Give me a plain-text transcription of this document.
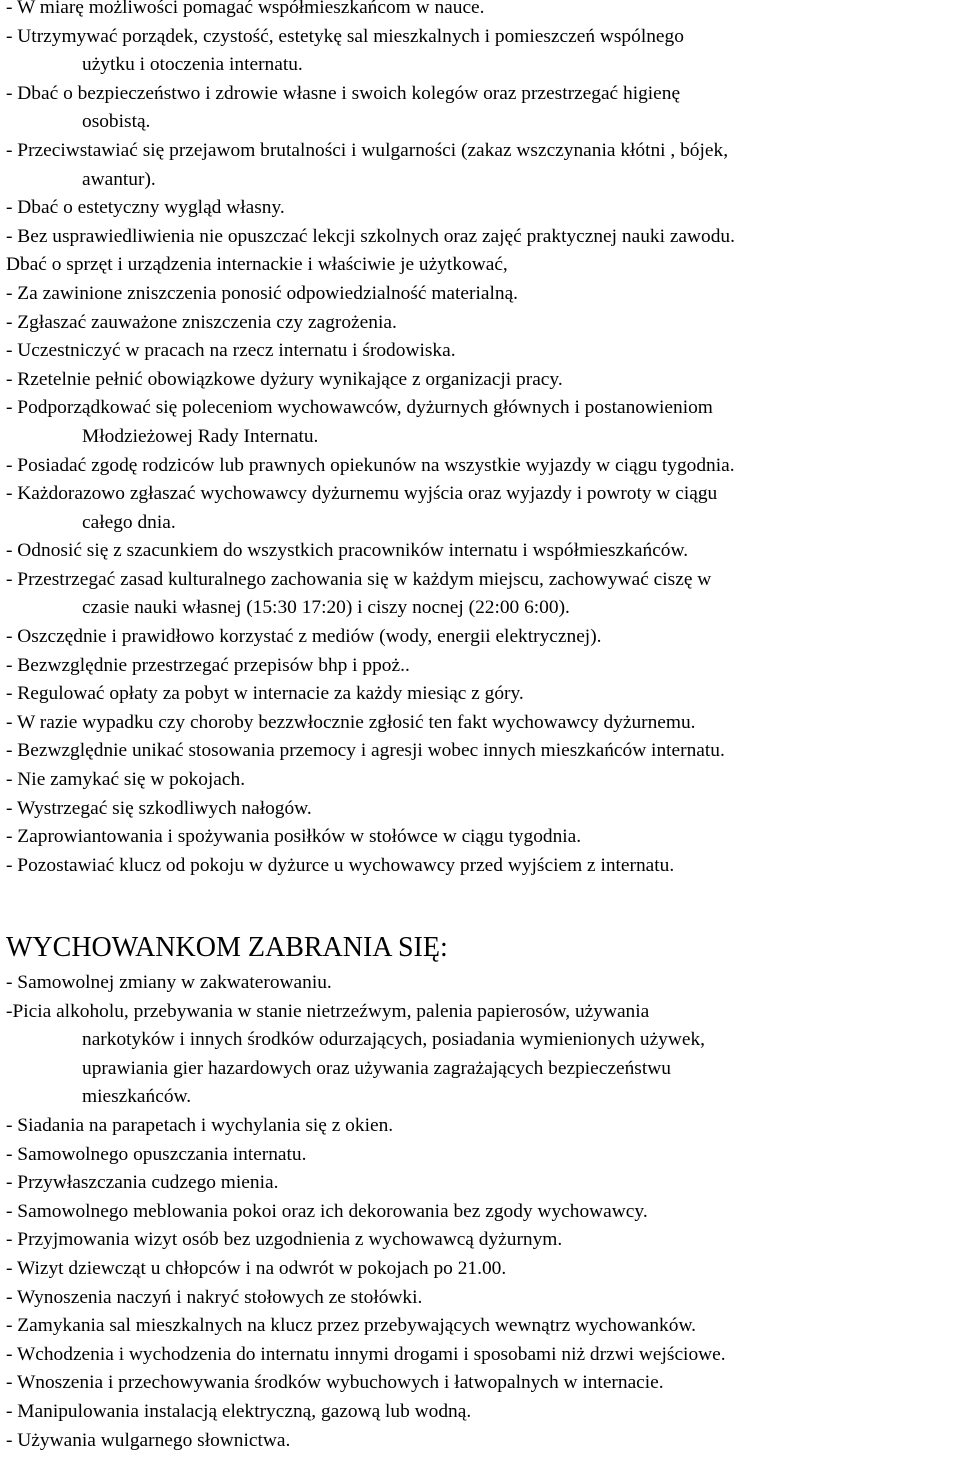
- W miarę możliwości pomagać współmieszkańcom w nauce.
- Utrzymywać porządek, czystość, estetykę sal mieszkalnych i pomieszczeń wspólnego
użytku i otoczenia internatu.
- Dbać o bezpieczeństwo i zdrowie własne i swoich kolegów oraz przestrzegać higienę
osobistą.
- Przeciwstawiać się przejawom brutalności i wulgarności (zakaz wszczynania kłótni , bójek,
awantur).
- Dbać o estetyczny wygląd własny.
- Bez usprawiedliwienia nie opuszczać lekcji szkolnych oraz zajęć praktycznej nauki zawodu.
Dbać o sprzęt i urządzenia internackie i właściwie je użytkować,
- Za zawinione zniszczenia ponosić odpowiedzialność materialną.
- Zgłaszać zauważone zniszczenia czy zagrożenia.
- Uczestniczyć w pracach na rzecz internatu i środowiska.
- Rzetelnie pełnić obowiązkowe dyżury wynikające z organizacji pracy.
- Podporządkować się poleceniom wychowawców, dyżurnych głównych i postanowieniom
Młodzieżowej Rady Internatu.
- Posiadać zgodę rodziców lub prawnych opiekunów na wszystkie wyjazdy w ciągu tygodnia.
- Każdorazowo zgłaszać wychowawcy dyżurnemu wyjścia oraz wyjazdy i powroty w ciągu
całego dnia.
- Odnosić się z szacunkiem do wszystkich pracowników internatu i współmieszkańców.
- Przestrzegać zasad kulturalnego zachowania się w każdym miejscu, zachowywać ciszę w
czasie nauki własnej (15:30 17:20) i ciszy nocnej (22:00 6:00).
- Oszczędnie i prawidłowo korzystać z mediów (wody, energii elektrycznej).
- Bezwzględnie przestrzegać przepisów bhp i ppoż..
- Regulować opłaty za pobyt w internacie za każdy miesiąc z góry.
- W razie wypadku czy choroby bezzwłocznie zgłosić ten fakt wychowawcy dyżurnemu.
- Bezwzględnie unikać stosowania przemocy i agresji wobec innych mieszkańców internatu.
- Nie zamykać się w pokojach.
- Wystrzegać się szkodliwych nałogów.
- Zaprowiantowania i spożywania posiłków w stołówce w ciągu tygodnia.
- Pozostawiać klucz od pokoju w dyżurce u wychowawcy przed wyjściem z internatu.
WYCHOWANKOM ZABRANIA SIĘ:
- Samowolnej zmiany w zakwaterowaniu.
-Picia alkoholu, przebywania w stanie nietrzeźwym, palenia papierosów, używania
narkotyków i innych środków odurzających, posiadania wymienionych używek,
uprawiania gier hazardowych oraz używania zagrażających bezpieczeństwu
mieszkańców.
- Siadania na parapetach i wychylania się z okien.
- Samowolnego opuszczania internatu.
- Przywłaszczania cudzego mienia.
- Samowolnego meblowania pokoi oraz ich dekorowania bez zgody wychowawcy.
- Przyjmowania wizyt osób bez uzgodnienia z wychowawcą dyżurnym.
- Wizyt dziewcząt u chłopców i na odwrót w pokojach po 21.00.
- Wynoszenia naczyń i nakryć stołowych ze stołówki.
- Zamykania sal mieszkalnych na klucz przez przebywających wewnątrz wychowanków.
- Wchodzenia i wychodzenia do internatu innymi drogami i sposobami niż drzwi wejściowe.
- Wnoszenia i przechowywania środków wybuchowych i łatwopalnych w internacie.
- Manipulowania instalacją elektryczną, gazową lub wodną.
- Używania wulgarnego słownictwa.
